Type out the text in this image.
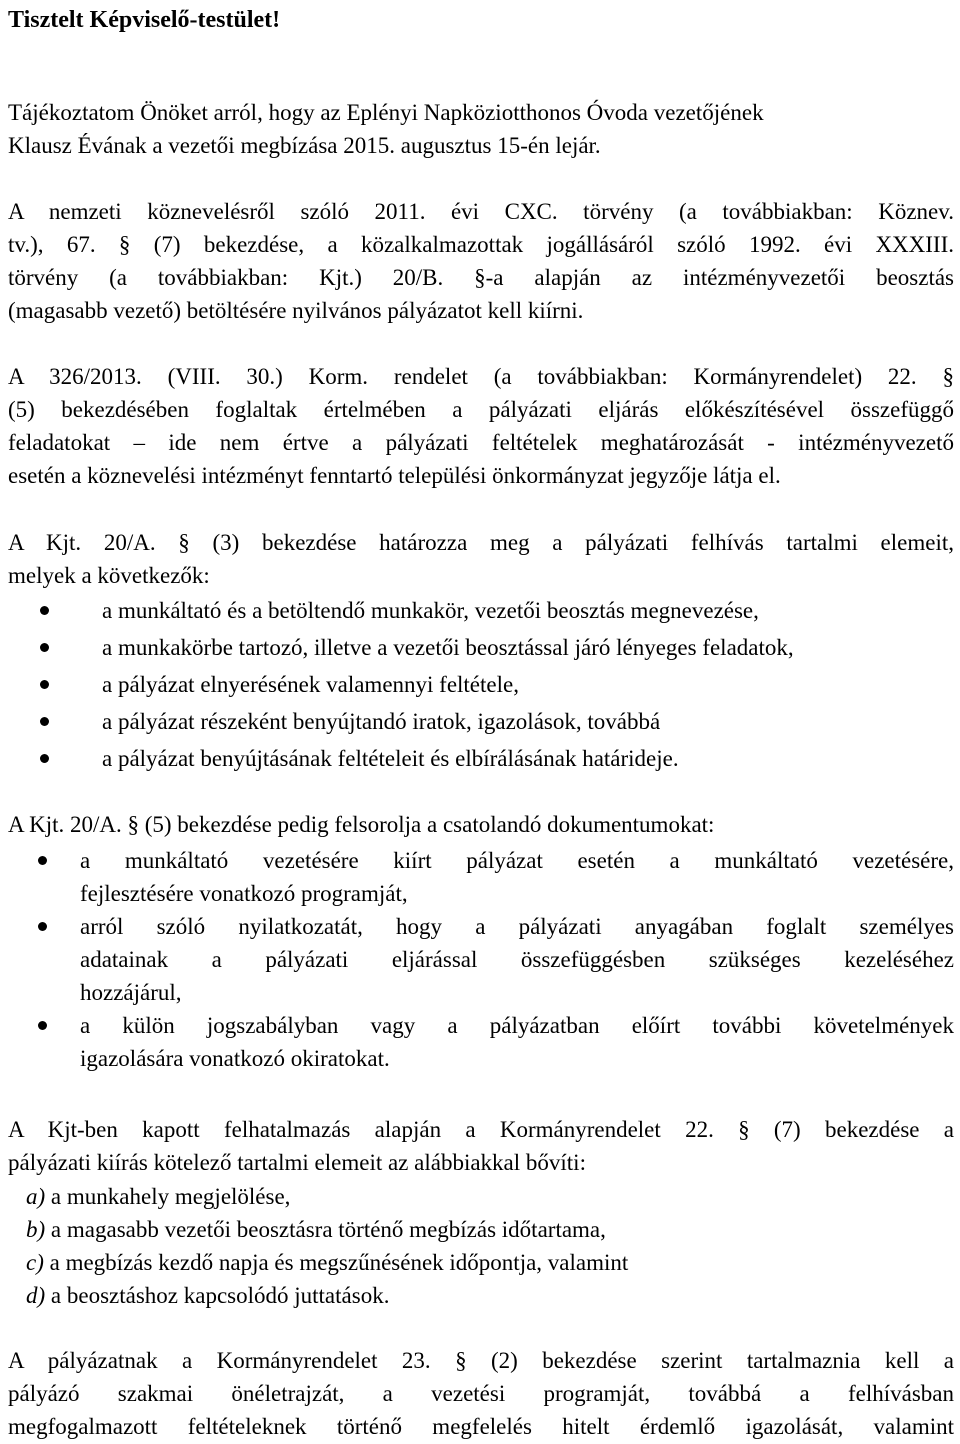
Tisztelt Képviselő-testület!
Tájékoztatom Önöket arról, hogy az Eplényi Napköziotthonos Óvoda vezetőjének
Klausz Évának a vezetői megbízása 2015. augusztus 15-én lejár.
A nemzeti köznevelésről szóló 2011. évi CXC. törvény (a továbbiakban: Köznev.
tv.), 67. § (7) bekezdése, a közalkalmazottak jogállásáról szóló 1992. évi XXXIII.
törvény (a továbbiakban: Kjt.) 20/B. §-a alapján az intézményvezetői beosztás
(magasabb vezető) betöltésére nyilvános pályázatot kell kiírni.
A 326/2013. (VIII. 30.) Korm. rendelet (a továbbiakban: Kormányrendelet) 22. §
(5) bekezdésében foglaltak értelmében a pályázati eljárás előkészítésével összefüggő
feladatokat – ide nem értve a pályázati feltételek meghatározását - intézményvezető
esetén a köznevelési intézményt fenntartó települési önkormányzat jegyzője látja el.
A Kjt. 20/A. § (3) bekezdése határozza meg a pályázati felhívás tartalmi elemeit,
melyek a következők:
a munkáltató és a betöltendő munkakör, vezetői beosztás megnevezése,
a munkakörbe tartozó, illetve a vezetői beosztással járó lényeges feladatok,
a pályázat elnyerésének valamennyi feltétele,
a pályázat részeként benyújtandó iratok, igazolások, továbbá
a pályázat benyújtásának feltételeit és elbírálásának határideje.
A Kjt. 20/A. § (5) bekezdése pedig felsorolja a csatolandó dokumentumokat:
a munkáltató vezetésére kiírt pályázat esetén a munkáltató vezetésére,
fejlesztésére vonatkozó programját,
arról szóló nyilatkozatát, hogy a pályázati anyagában foglalt személyes
adatainak a pályázati eljárással összefüggésben szükséges kezeléséhez
hozzájárul,
a külön jogszabályban vagy a pályázatban előírt további követelmények
igazolására vonatkozó okiratokat.
A Kjt-ben kapott felhatalmazás alapján a Kormányrendelet 22. § (7) bekezdése a
pályázati kiírás kötelező tartalmi elemeit az alábbiakkal bővíti:
a) a munkahely megjelölése,
b) a magasabb vezetői beosztásra történő megbízás időtartama,
c) a megbízás kezdő napja és megszűnésének időpontja, valamint
d) a beosztáshoz kapcsolódó juttatások.
A pályázatnak a Kormányrendelet 23. § (2) bekezdése szerint tartalmaznia kell a
pályázó szakmai önéletrajzát, a vezetési programját, továbbá a felhívásban
megfogalmazott feltételeknek történő megfelelés hitelt érdemlő igazolását, valamint
